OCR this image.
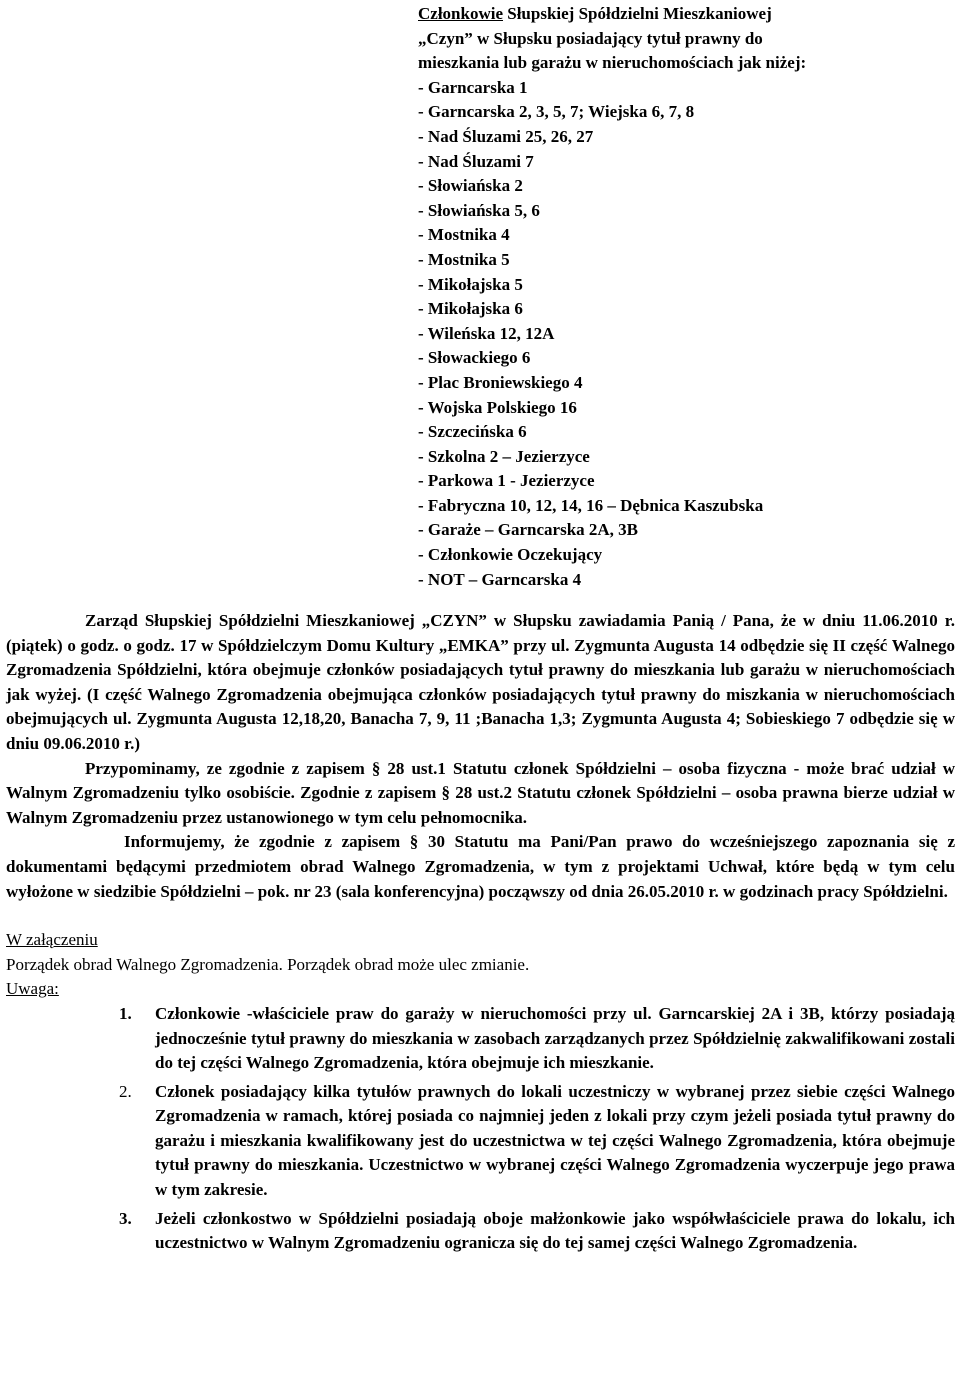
Członkowie Słupskiej Spółdzielni Mieszkaniowej

„Czyn” w Słupsku posiadający tytuł prawny do

mieszkania lub garażu w nieruchomościach jak niżej:

- Garncarska 1

- Garncarska 2, 3, 5, 7; Wiejska 6, 7, 8

- Nad Śluzami 25, 26, 27

- Nad Śluzami 7

- Słowiańska 2

- Słowiańska 5, 6

- Mostnika 4

- Mostnika 5

- Mikołajska 5

- Mikołajska 6

- Wileńska 12, 12A

- Słowackiego 6

- Plac Broniewskiego 4

- Wojska Polskiego 16

- Szczecińska 6

- Szkolna 2 – Jezierzyce

- Parkowa 1 - Jezierzyce

- Fabryczna 10, 12, 14, 16 – Dębnica Kaszubska

- Garaże – Garncarska 2A, 3B

- Członkowie Oczekujący

- NOT – Garncarska 4

Zarząd Słupskiej Spółdzielni Mieszkaniowej „CZYN” w Słupsku zawiadamia Panią / Pana, że w dniu 11.06.2010 r. (piątek) o godz. o godz. 17 w Spółdzielczym Domu Kultury „EMKA” przy ul. Zygmunta Augusta 14 odbędzie się II część Walnego Zgromadzenia Spółdzielni, która obejmuje członków posiadających tytuł prawny do mieszkania lub garażu w nieruchomościach jak wyżej. (I część Walnego Zgromadzenia obejmująca członków posiadających tytuł prawny do miszkania w nieruchomościach obejmujących ul. Zygmunta Augusta 12,18,20, Banacha 7, 9, 11 ;Banacha 1,3; Zygmunta Augusta 4; Sobieskiego 7 odbędzie się w dniu 09.06.2010 r.)

Przypominamy, ze zgodnie z zapisem § 28 ust.1 Statutu członek Spółdzielni – osoba fizyczna - może brać udział w Walnym Zgromadzeniu tylko osobiście. Zgodnie z zapisem § 28 ust.2 Statutu członek Spółdzielni – osoba prawna bierze udział w Walnym Zgromadzeniu przez ustanowionego w tym celu pełnomocnika.

Informujemy, że zgodnie z zapisem § 30 Statutu ma Pani/Pan prawo do wcześniejszego zapoznania się z dokumentami będącymi przedmiotem obrad Walnego Zgromadzenia, w tym z projektami Uchwał, które będą w tym celu wyłożone w siedzibie Spółdzielni – pok. nr 23 (sala konferencyjna) począwszy od dnia 26.05.2010 r. w godzinach pracy Spółdzielni.

W załączeniu

Porządek obrad Walnego Zgromadzenia. Porządek obrad może ulec zmianie.

Uwaga:

1. Członkowie -właściciele praw do garaży w nieruchomości przy ul. Garncarskiej 2A i 3B, którzy posiadają jednocześnie tytuł prawny do mieszkania w zasobach zarządzanych przez Spółdzielnię zakwalifikowani zostali do tej części Walnego Zgromadzenia, która obejmuje ich mieszkanie.
2. Członek posiadający kilka tytułów prawnych do lokali uczestniczy w wybranej przez siebie części Walnego Zgromadzenia w ramach, której posiada co najmniej jeden z lokali przy czym jeżeli posiada tytuł prawny do garażu i mieszkania kwalifikowany jest do uczestnictwa w tej części Walnego Zgromadzenia, która obejmuje tytuł prawny do mieszkania. Uczestnictwo w wybranej części Walnego Zgromadzenia wyczerpuje jego prawa w tym zakresie.
3. Jeżeli członkostwo w Spółdzielni posiadają oboje małżonkowie jako współwłaściciele prawa do lokalu, ich uczestnictwo w Walnym Zgromadzeniu ogranicza się do tej samej części Walnego Zgromadzenia.
